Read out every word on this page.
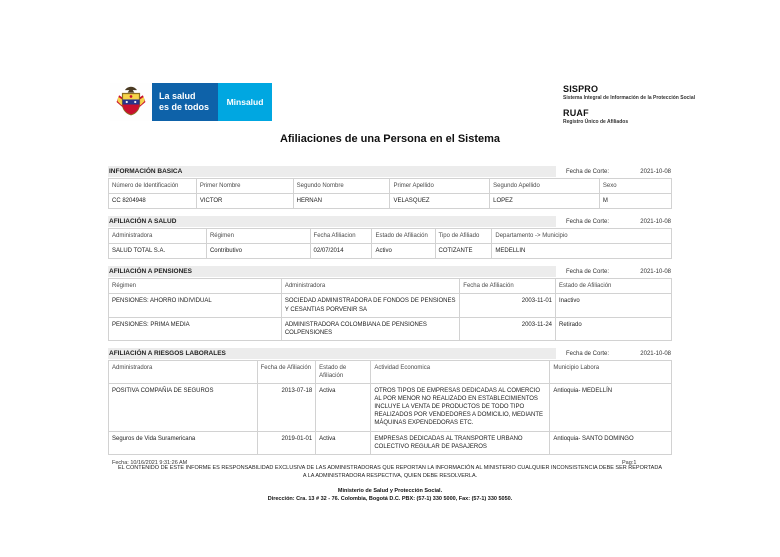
La salud
es de todos	Minsalud
SISPRO
Sistema Integral de Información de la Protección Social
RUAF
Registro Único de Afiliados
Afiliaciones de una Persona en el Sistema
INFORMACIÓN BASICA	Fecha de Corte:	2021-10-08
Número de Identificación	Primer Nombre	Segundo Nombre	Primer Apellido	Segundo Apellido	Sexo
CC 8204948	VICTOR	HERNAN	VELASQUEZ	LOPEZ	M
AFILIACIÓN A SALUD	Fecha de Corte:	2021-10-08
Administradora	Régimen	Fecha Afiliacion	Estado de Afiliación	Tipo de Afiliado	Departamento -> Municipio
SALUD TOTAL S.A.	Contributivo	02/07/2014	Activo	COTIZANTE	MEDELLIN
AFILIACIÓN A PENSIONES	Fecha de Corte:	2021-10-08
Régimen	Administradora	Fecha de Afiliación	Estado de Afiliación
PENSIONES: AHORRO INDIVIDUAL	SOCIEDAD ADMINISTRADORA DE FONDOS DE PENSIONES Y CESANTIAS PORVENIR SA	2003-11-01	Inactivo
PENSIONES: PRIMA MEDIA	ADMINISTRADORA COLOMBIANA DE PENSIONES COLPENSIONES	2003-11-24	Retirado
AFILIACIÓN A RIESGOS LABORALES	Fecha de Corte:	2021-10-08
Administradora	Fecha de Afiliación	Estado de Afiliación	Actividad Economica	Municipio Labora
POSITIVA COMPAÑIA DE SEGUROS	2013-07-18	Activa	OTROS TIPOS DE EMPRESAS DEDICADAS AL COMERCIO AL POR MENOR NO REALIZADO EN ESTABLECIMIENTOS INCLUYE LA VENTA DE PRODUCTOS DE TODO TIPO REALIZADOS POR VENDEDORES A DOMICILIO, MEDIANTE MÁQUINAS EXPENDEDORAS ETC.	Antioquia- MEDELLÍN
Seguros de Vida Suramericana	2019-01-01	Activa	EMPRESAS DEDICADAS AL TRANSPORTE URBANO COLECTIVO REGULAR DE PASAJEROS	Antioquia- SANTO DOMINGO
EL CONTENIDO DE ESTE INFORME ES RESPONSABILIDAD EXCLUSIVA DE LAS ADMINISTRADORAS QUE REPORTAN LA INFORMACIÓN AL MINISTERIO CUALQUIER INCONSISTENCIA DEBE SER REPORTADA A LA ADMINISTRADORA RESPECTIVA, QUIEN DEBE RESOLVERLA.
Ministerio de Salud y Protección Social.
Dirección: Cra. 13 # 32 - 76. Colombia, Bogotá D.C. PBX: (57-1) 330 5000, Fax: (57-1) 330 5050.
Fecha: 10/16/2021 9:31:26 AM	Pag:1
